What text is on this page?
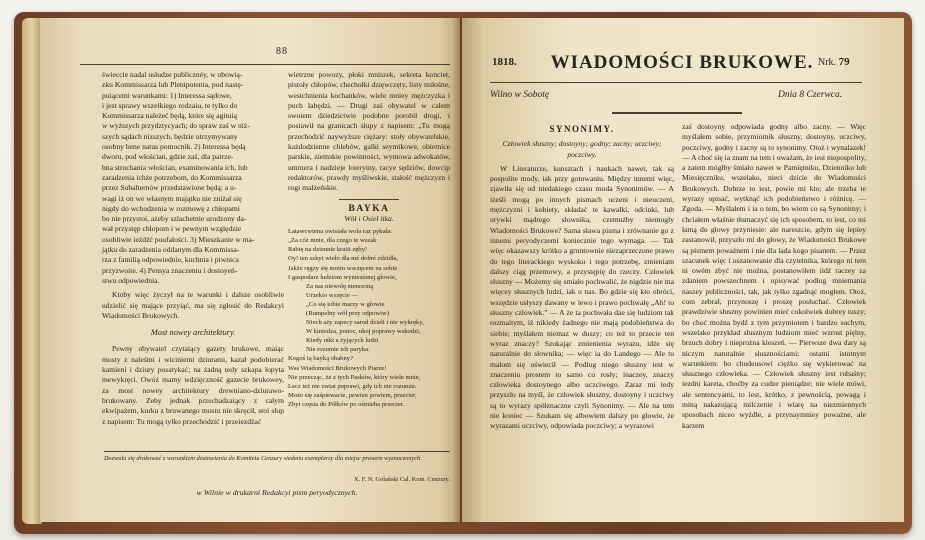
88
świeccie nadal usłudze publicznéy, w obowią-
zku Kommissarza lub Plenipotenta, pod nastę-
puiącemi warunkami: 1) Interessa sądowe,
i jest sprawy wszelkiego rodzaiu, te tylko do
Kommissarza należeć będą, które się agituią
w wyższych przydztycyach; do spraw zaś w niż-
szych sądach nizszych, będzie utrzymywany
osobny bene natus pomocnik. 2) Interessa będą
dworu, pod włościan, gdzie zaś, dla patrze-
bna strochania włościan, examinowania ich, lub
zaradzenia ichże potrzebom, do Kommissarza
przez Subalternów przedstawione będą; a u-
wagi iż on we własnym majątku nie zniżał się
nigdy do wchodzenia w rozmowę z chłopami
bo nie przystoi, ażeby szlachetnie urodzony da-
wał przystęp chłopom i w pewnym względzie
osobliwie ieźdźć poufałości. 3) Mieszkanie w ma-
jątku do zaradzenia oddanym dla Kommissa-
rza z familią odpowiednie, kuchnia i piwnica
przyzwoite. 4) Pensya znaczeniu i dostoyeń-
stwu odpowiednia.

Ktoby więc życzył na te warunki i dalsze osobliwie udzielić się mające przyiąć, ma się zgłosić do Redakcyi Wiadomości Brukowych.

Most nowey architektury.

Pewny obywatel czytaiący gazety brukowe, maiąc mosty z naleśmi i wiciniemi dziurami, kazał podobierać kamieni i dziury posatykać; na żadną tedy szkapa łopyta mewykręci. Owóż mamy wdzięczność gazecie brukowey, za most nowey architektury drewniano-dziurawo-brukowany. Zeby jednak przechadzaiący z całym ekwipażem, kurku z bruwanego mostu nie skręcił, stoi słup z napisem: Tu mogą tylko przechodzić i przeiezdźać

wietrzne powozy, płoki mniszek, sekreta konciet, pistoły chłopów, chechołki dzięwczęty, listy miłośne, westchnienia kochanków, wiele mniey mężczyzka i puch łabędzi. — Drugi zaś obywatel w całem swoiem dziedzictwie podobne porobił drogi, i postawił na granicach słupy z napisem: „Tu mogą przechodzić naywyższe ciężary: stoły obywatelskie, każdodzienne chlebów, galki seymikowe, obietnice parskie, ziemskie powinności, wymowa adwokatów, ummera i nadzieje loteryiny, racye sędziów, dowcip redaktorów, prawdy myśliwskie, stałość mężczyzn i rogi małżeńskie.

BAYKA
Wół i Osieł itka.
Latawcwiena owisiała wola raz pykała:
„Za cóż mnie, dla czego te wszak
Rabię na dziennie kraiii zęby!
Oy! ten szkyt wieło dla mé dobré zdzidła,
Jakże ręgzy się moim wsczęcem na sobie
I gaspodarz ludziom wyniesionej głowie,
Za nas niewolę nienociną
Urzekio wszęcie —
„Co się tobie marzy w głowie
(Rumpelny wół przy odpowiw)
Niech aży zapecy sarod dzieli i nie wykręky,
W kiniedza, ponoc, ukoj poprawy wskodzi,
Kiedy nikt a żyjących ludzi
Nie rozumie ich paryka.
Kogoś tą bayką obabny?
Was Wiadomości Brukowych Piarze!
Nie przecząc, że z tych Pasków, który wiele mnie,
Lecz też nie zwiat poprawi, gdy ich nie rozumie.
Może się zaśpiewacie, pewien powiem, przecier,
Zbyt częsta do Pólków po ośmieha przecier.
Dozwala się drukować z warunkiem dostawienia do Komitetu Cenzury siedmiu exemplarzy dla miejsc prawem wyznaczonych.
X. F. N. Golański Cal. Kom. Cenzury.
w Wilnie w drukarni Redakcyi pism peryodycznych.
1818.	WIADOMOŚCI BRUKOWE. Nrk. 79
Wilno w Sobotę	Dnia 8 Czerwca.
SYNONIMY.

Człowiek słuszny; dostoyny; godny; zacny; uczciwy; poczciwy.

W Literaturze, kunsztach i naukach nawet, tak są pospolite mody, iak przy gotowaniu. Między innemi więc, zjawiła się od niedakiego czasu moda Synonimów. — A iżeśli mogą po innych pismach uczeni i nieuczeni, mężczyzni i kobiety, składać te kawałki, odcinki, lub urywki mądrego słownika, czemużby niemogły Wiadomości Brukowe? Sama sława pisma i zrównanie go z innemi peryodyczemi koniecznie tego wymaga. — Tak więc okazawszy krótko a gruntownie niezaprzeczone prawo do tego literackiego wyskoku i tego potrzebę, zmieniam dalszy ciąg przemowy, a przystępię do rzeczy. Człowiek słuszny — Możemy się smiało pochwalić, że nigdzie nie ma więcey słusznych ludzi, iak u nas. Bo gdzie się kto obróci, wszędzie usłyszy dawany w lewo i prawo pochwałę „Ah! to słuszny człowiek.” — A że ta pochwała dae się ludziom tak rozmaitym, iż nikiedy żadnego nie mają podobieństwa do siebie; myślałem niemaz w duszy; co też to przecie ten wyraz znaczy? Szukając zmienienia wyrazu, idźe się naturalnie do słownika; — więc ia do Landego — Ale tu małom się oświecił — Podług niego słuszny iest w znaczeniu prostem to samo co rosły; inaczey, znaczy człowieka dostoynego albo uczciwego. Zaraz mi tedy przyszło na myśl, że człowiek słuszny, dostoyny i uczciwy są to wyrazy spółznaczne czyli Synonimy. — Ale na tem nie koniec — Szukam się albowiem dalszy po głowie, że wyrazami uczciwy, odpowiada poczciwy; a wyrazowi

zaś dostoyny odpowiada godny albo zacny. — Więc myślałem sobie, przymiotnik słuszny, dostoyny, uczciwy, poczciwy, godny i zacny są to synonimy. Otoż i wynalazek! — A choć się ia znam na tem i uważam, że iest niepospolity, a zatem mógłby śmiało nawet w Pamiętniku, Dzienniku lub Miesięczniku, wszelako, nieci dzicie do Wiadomości Brukowych. Dobrze to iest, powie mi kto; ale trzeba te wyrazy opisać, wytknąć ich podobieństwo i różnicę. — Zgoda. — Myślałem i ia o tem, bo wiem co są Synonimy; i chciałem właśnie tłumaczyć się ich sposobem, to iest, co mi łamą do głowy przyniesie: ale nareszcie, gdym się lepiey zastanowił, przyszło mi do głowy, że Wiadomości Brukowe są pismem poważnem i nie dla lada kogo pisanem. — Przez szacunek więc i uszanowanie dla czytelnika, którego ni tem ni owém zbyć nie można, postanowiłem iidź raczey za zdaniem powszechnem i opisywać podług mniemania naszey publiczności, tak, jak tylko zgadnąć mogłem. Otoż, com zebrał, przynoszę i proszę posłuchać. Człowiek prawdziwie słuszny powinien mieć cokolwiek dobrey tuszy; bo choć można bydź z tym przymiotem i bardzo suchym, wszelako przykład słusznym ludziom mieć wzrost pięlny, brzuch dobry i nieprożna kieszeń. — Pierwsze dwa dary są niczym naturalnie słusznościami; ostatni istotnym warunkiem: bo chudeusowi ciężko się wykierować na słusznego człowieka. — Człowiek słuszny iest rubaśny; iezdni kareta, choćby za cudze pieniądze; nie wiele mówi, ale sentencyami, to iest, krótko, z pewnością, powagą i miną nakazującą milczenie i wiarę na niezmiennych sposobach niceo wyżdłe, a przynaymniey poważne, ale karzem
